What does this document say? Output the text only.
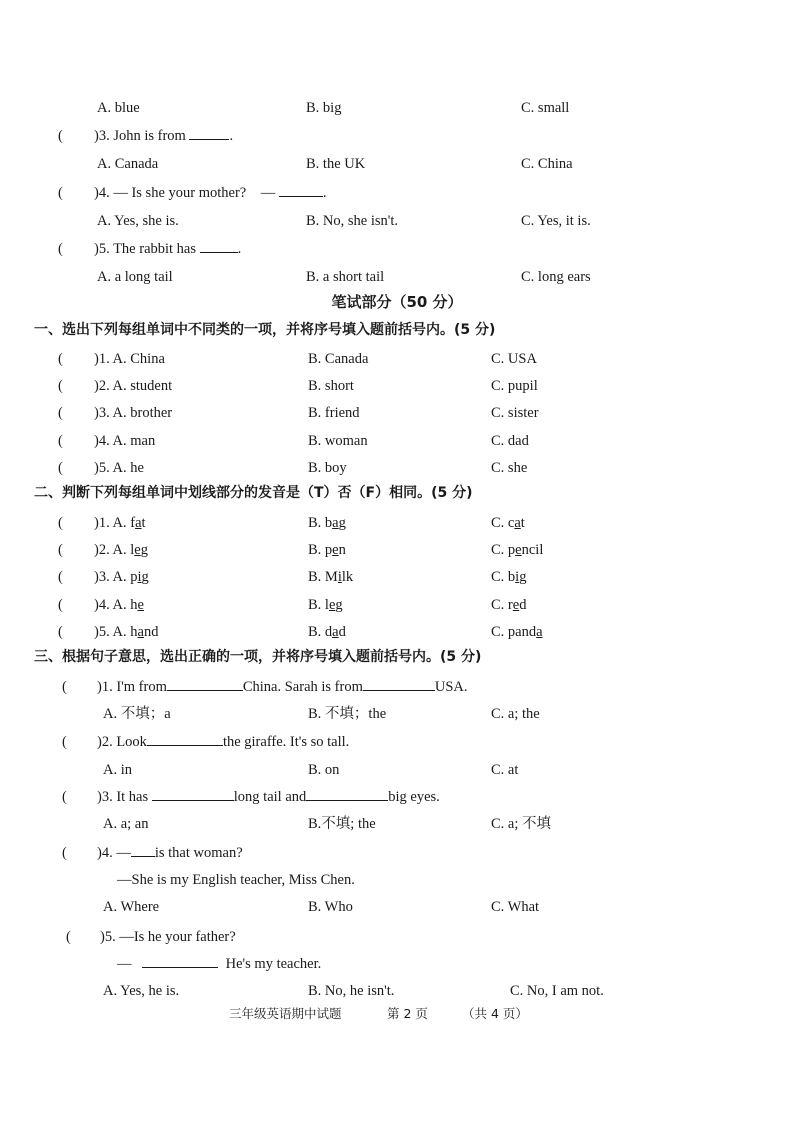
A. blue	B. big	C. small
( )3. John is from	.
A. Canada	B. the UK	C. China
( )4. — Is she your mother?　—	.
A. Yes, she is.	B. No, she isn't.	C. Yes, it is.
( )5. The rabbit has	.
A. a long tail	B. a short tail	C. long ears
笔试部分（50 分）
一、选出下列每组单词中不同类的一项，并将序号填入题前括号内。(5 分)
( )1. A. China	B. Canada	C. USA
( )2. A. student	B. short	C. pupil
( )3. A. brother	B. friend	C. sister
( )4. A. man	B. woman	C. dad
( )5. A. he	B. boy	C. she
二、判断下列每组单词中划线部分的发音是（T）否（F）相同。(5 分)
( )1. A. fat	B. bag	C. cat
( )2. A. leg	B. pen	C. pencil
( )3. A. pig	B. Milk	C. big
( )4. A. he	B. leg	C. red
( )5. A. hand	B. dad	C. panda
三、根据句子意思，选出正确的一项，并将序号填入题前括号内。(5 分)
( )1. I'm from	China. Sarah is from	USA.
A. 不填；a	B. 不填；the	C. a; the
( )2. Look	the giraffe. It's so tall.
A. in	B. on	C. at
( )3. It has	long tail and	big eyes.
A. a; an	B.不填; the	C. a; 不填
( )4. — is that woman?
—She is my English teacher, Miss Chen.
A. Where	B. Who	C. What
( )5. —Is he your father?
—	He's my teacher.
A. Yes, he is.	B. No, he isn't.	C. No, I am not.
三年级英语期中试题	第 2 页	（共 4 页）
